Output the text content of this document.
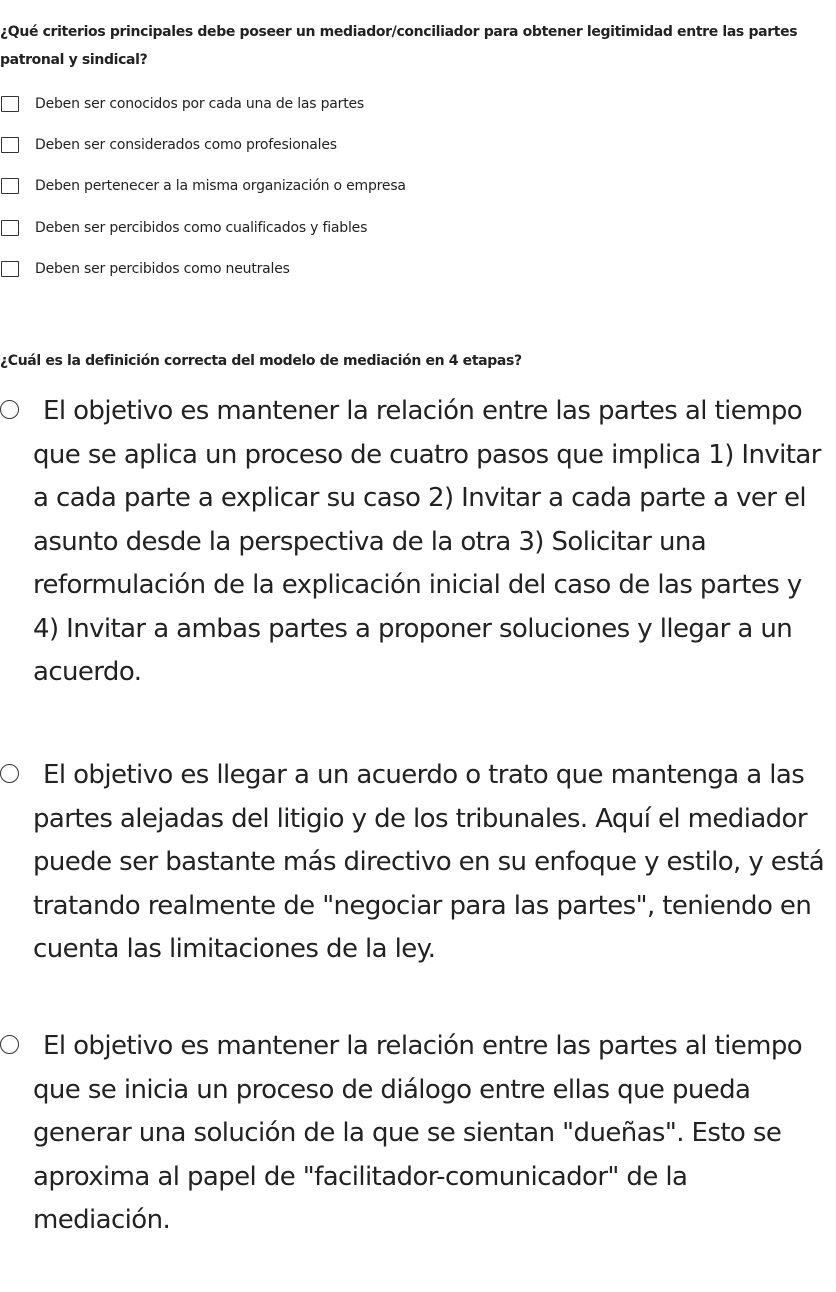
¿Qué criterios principales debe poseer un mediador/conciliador para obtener legitimidad entre las partes patronal y sindical?
Deben ser conocidos por cada una de las partes
Deben ser considerados como profesionales
Deben pertenecer a la misma organización o empresa
Deben ser percibidos como cualificados y fiables
Deben ser percibidos como neutrales
¿Cuál es la definición correcta del modelo de mediación en 4 etapas?
El objetivo es mantener la relación entre las partes al tiempo que se aplica un proceso de cuatro pasos que implica 1) Invitar a cada parte a explicar su caso 2) Invitar a cada parte a ver el asunto desde la perspectiva de la otra 3) Solicitar una reformulación de la explicación inicial del caso de las partes y 4) Invitar a ambas partes a proponer soluciones y llegar a un acuerdo.
El objetivo es llegar a un acuerdo o trato que mantenga a las partes alejadas del litigio y de los tribunales. Aquí el mediador puede ser bastante más directivo en su enfoque y estilo, y está tratando realmente de "negociar para las partes", teniendo en cuenta las limitaciones de la ley.
El objetivo es mantener la relación entre las partes al tiempo que se inicia un proceso de diálogo entre ellas que pueda generar una solución de la que se sientan "dueñas". Esto se aproxima al papel de "facilitador-comunicador" de la mediación.
